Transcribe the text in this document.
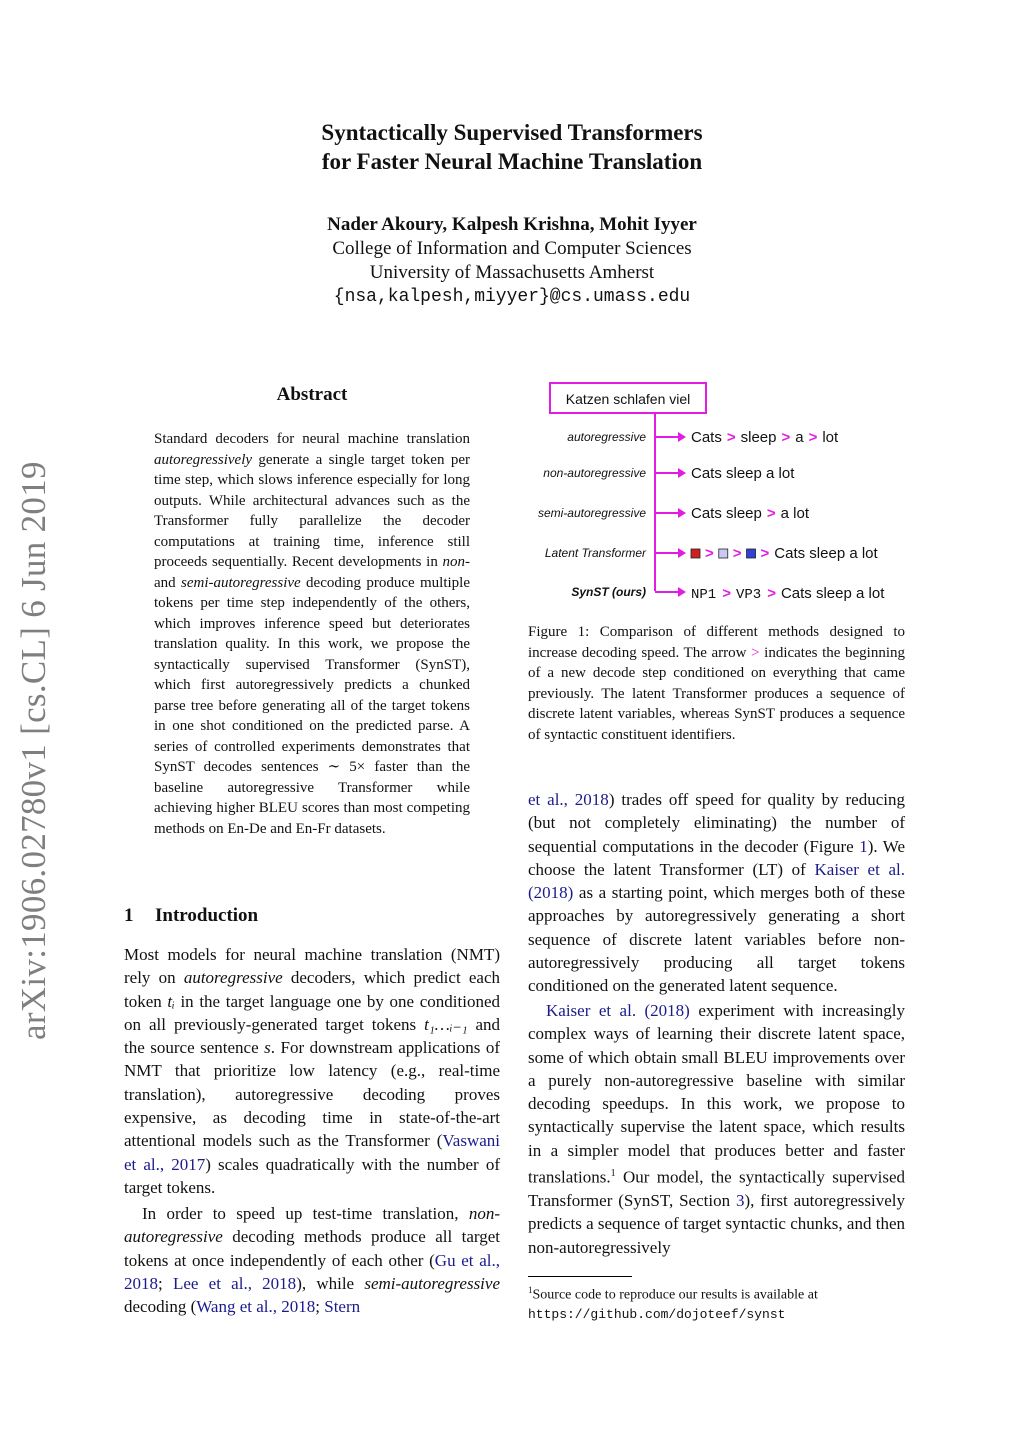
Syntactically Supervised Transformers
for Faster Neural Machine Translation
Nader Akoury, Kalpesh Krishna, Mohit Iyyer
College of Information and Computer Sciences
University of Massachusetts Amherst
{nsa,kalpesh,miyyer}@cs.umass.edu
arXiv:1906.02780v1 [cs.CL] 6 Jun 2019
Abstract
Standard decoders for neural machine translation autoregressively generate a single target token per time step, which slows inference especially for long outputs. While architectural advances such as the Transformer fully parallelize the decoder computations at training time, inference still proceeds sequentially. Recent developments in non- and semi-autoregressive decoding produce multiple tokens per time step independently of the others, which improves inference speed but deteriorates translation quality. In this work, we propose the syntactically supervised Transformer (SynST), which first autoregressively predicts a chunked parse tree before generating all of the target tokens in one shot conditioned on the predicted parse. A series of controlled experiments demonstrates that SynST decodes sentences ∼ 5× faster than the baseline autoregressive Transformer while achieving higher BLEU scores than most competing methods on En-De and En-Fr datasets.
1 Introduction
Most models for neural machine translation (NMT) rely on autoregressive decoders, which predict each token tᵢ in the target language one by one conditioned on all previously-generated target tokens t₁…ᵢ₋₁ and the source sentence s. For downstream applications of NMT that prioritize low latency (e.g., real-time translation), autoregressive decoding proves expensive, as decoding time in state-of-the-art attentional models such as the Transformer (Vaswani et al., 2017) scales quadratically with the number of target tokens.
In order to speed up test-time translation, non-autoregressive decoding methods produce all target tokens at once independently of each other (Gu et al., 2018; Lee et al., 2018), while semi-autoregressive decoding (Wang et al., 2018; Stern
Katzen schlafen viel
autoregressive	Cats > sleep > a > lot
non-autoregressive	Cats sleep a lot
semi-autoregressive	Cats sleep > a lot
Latent Transformer	> > > Cats sleep a lot
SynST (ours)	NP1 > VP3 > Cats sleep a lot
Figure 1: Comparison of different methods designed to increase decoding speed. The arrow > indicates the beginning of a new decode step conditioned on everything that came previously. The latent Transformer produces a sequence of discrete latent variables, whereas SynST produces a sequence of syntactic constituent identifiers.
et al., 2018) trades off speed for quality by reducing (but not completely eliminating) the number of sequential computations in the decoder (Figure 1). We choose the latent Transformer (LT) of Kaiser et al. (2018) as a starting point, which merges both of these approaches by autoregressively generating a short sequence of discrete latent variables before non-autoregressively producing all target tokens conditioned on the generated latent sequence.
Kaiser et al. (2018) experiment with increasingly complex ways of learning their discrete latent space, some of which obtain small BLEU improvements over a purely non-autoregressive baseline with similar decoding speedups. In this work, we propose to syntactically supervise the latent space, which results in a simpler model that produces better and faster translations.$^1$ Our model, the syntactically supervised Transformer (SynST, Section 3), first autoregressively predicts a sequence of target syntactic chunks, and then non-autoregressively
$^1$Source code to reproduce our results is available at
https://github.com/dojoteef/synst
